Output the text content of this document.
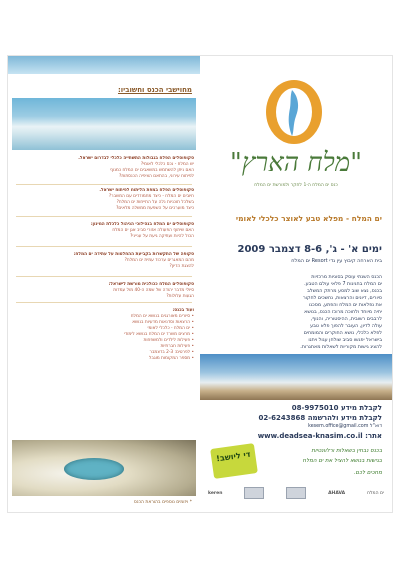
מחוישבי הכנס וחשוביו:
סקופוסלים הפלח בגבולות התשתייה כלכלי לבדרום ישראל.
יש המלח - נכס כלכלי לאומי?
האם ניתן להשתמש במשאבים ים המלח כמנוף
לפיתוח עירוני, בהתאם הציפיה הכנסתות?
סקופוסלים הפלח במפת הליתוח לפיתוח ישראל.
חיובים ים המלח - כיצד מתמודדים עם המשבר?
בשלכל תוכניות נלה על התייחות ים המלח?
כיצד מוערכים על השפעת ממשלה מלאים?
סקופוסלים ים המלח בנהילוכי הניהול כלכלת המינון:
האם שיתוף הפעולה אזורי סביב אגן ים המלח
הכול להיות ועתיקה גיעת על ענייני?
סקופה של התקשרות בקביעת ההחלטות על עתידה ים המלח:
מהם המאגרים ערכוד עמית ים המלח?
להצגת הדיון?
סקופוסלים המלח ככולכית מורשת לישראל:
סיולי מדבר יהודה של שמה ה-40 מול עמדות
הגעות עלולות?
ועוד בכנס:
• סיורים מאורגנים בנושא ים המלח
• הרצאות וסדנאות מדעיות בנושא
• ים המלח - כלכלי לאומי
• מרצים משרד ים המלח בנושא לימודי
• פעילות לילדים ולמשפחות
• פעילות חברתיות
• לפרטים: 2-3 בדצמבר
• מספר המקומות מוגבל
* ויזומים נוספים בהוראת הכנס
"מלח הארץ"
כנס ים המלח ה-1 לחקר ולמורשת ים המלח
ים המלח - מפלא טבע לאוצר כלכלי לאומי
ימים א' - ג', 8-6 דצמבר 2009
בית הארחה קיבוץ עין גדי Resort ים המלח
הכנס השנתי עוסק בסוגיות מרכזיות
ים המלח בחגיגות 7 פלאי עולם הטבע.
בכנס, נצא שוב למסע מרתק המשלב
סיורים, דיונים והרצאות, נחשכים לחקור
את נפלאות ים המלח והפתע, מסכנו
יחיה מיוחד ולחוכה מרוכז הכנס, בנושא
לרבבים רשובית, ההיסטוריה, והנוף,
עולה לדיון, העובר להפוך פלא טבע
לפלא כלכלי, נושא החוקרים והמומחים
בישראל יפגשו סביב שולחן עגול ויתנו
להציג גישות מקוריות לשאלות מאתגרות.
לקבלת מידע 08-9975010
לקבלת מידע ולהרשמה 02-6243868
דוא"ל kesem.office@gmail.com
אתר: www.deadsea-knasim.co.il
בכנס נבחין בשאלות ורלוונטיות
בגישות בנושא להציל את ים המלח
מחכים לכם.
די ליושב!
keren	AHAVA	ים המלח
